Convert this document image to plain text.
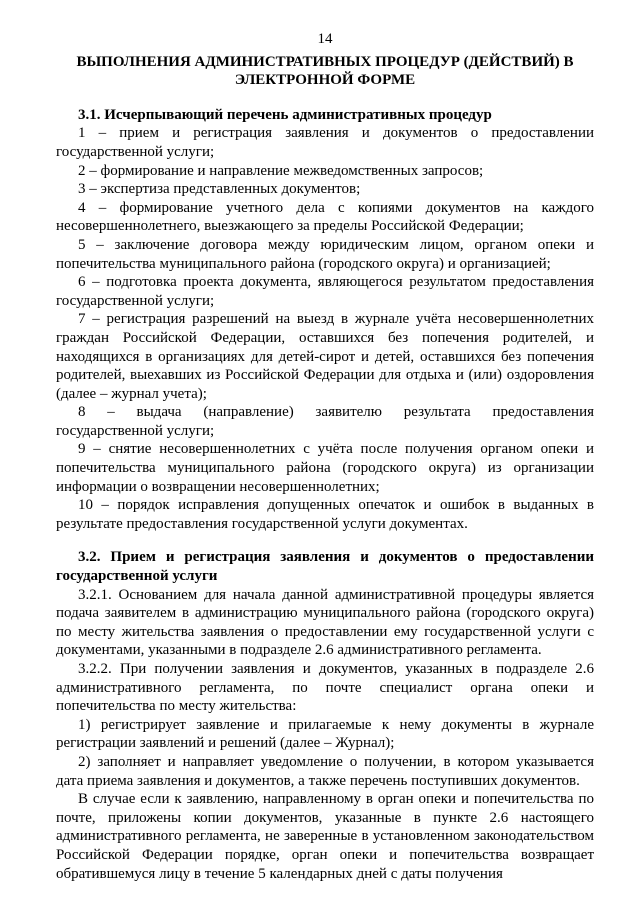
14
ВЫПОЛНЕНИЯ АДМИНИСТРАТИВНЫХ ПРОЦЕДУР (ДЕЙСТВИЙ) В ЭЛЕКТРОННОЙ ФОРМЕ
3.1. Исчерпывающий перечень административных процедур

1 – прием и регистрация заявления и документов о предоставлении государственной услуги;

2 – формирование и направление межведомственных запросов;

3 – экспертиза представленных документов;

4 – формирование учетного дела с копиями документов на каждого несовершеннолетнего, выезжающего за пределы Российской Федерации;

5 – заключение договора между юридическим лицом, органом опеки и попечительства муниципального района (городского округа) и организацией;

6 – подготовка проекта документа, являющегося результатом предоставления государственной услуги;

7 – регистрация разрешений на выезд в журнале учёта несовершеннолетних граждан Российской Федерации, оставшихся без попечения родителей, и находящихся в организациях для детей-сирот и детей, оставшихся без попечения родителей, выехавших из Российской Федерации для отдыха и (или) оздоровления (далее – журнал учета);

8 – выдача (направление) заявителю результата предоставления государственной услуги;

9 – снятие несовершеннолетних с учёта после получения органом опеки и попечительства муниципального района (городского округа) из организации информации о возвращении несовершеннолетних;

10 – порядок исправления допущенных опечаток и ошибок в выданных в результате предоставления государственной услуги документах.

3.2. Прием и регистрация заявления и документов о предоставлении государственной услуги

3.2.1. Основанием для начала данной административной процедуры является подача заявителем в администрацию муниципального района (городского округа) по месту жительства заявления о предоставлении ему государственной услуги с документами, указанными в подразделе 2.6 административного регламента.

3.2.2. При получении заявления и документов, указанных в подразделе 2.6 административного регламента, по почте специалист органа опеки и попечительства по месту жительства:

1) регистрирует заявление и прилагаемые к нему документы в журнале регистрации заявлений и решений (далее – Журнал);

2) заполняет и направляет уведомление о получении, в котором указывается дата приема заявления и документов, а также перечень поступивших документов.

В случае если к заявлению, направленному в орган опеки и попечительства по почте, приложены копии документов, указанные в пункте 2.6 настоящего административного регламента, не заверенные в установленном законодательством Российской Федерации порядке, орган опеки и попечительства возвращает обратившемуся лицу в течение 5 календарных дней с даты получения
